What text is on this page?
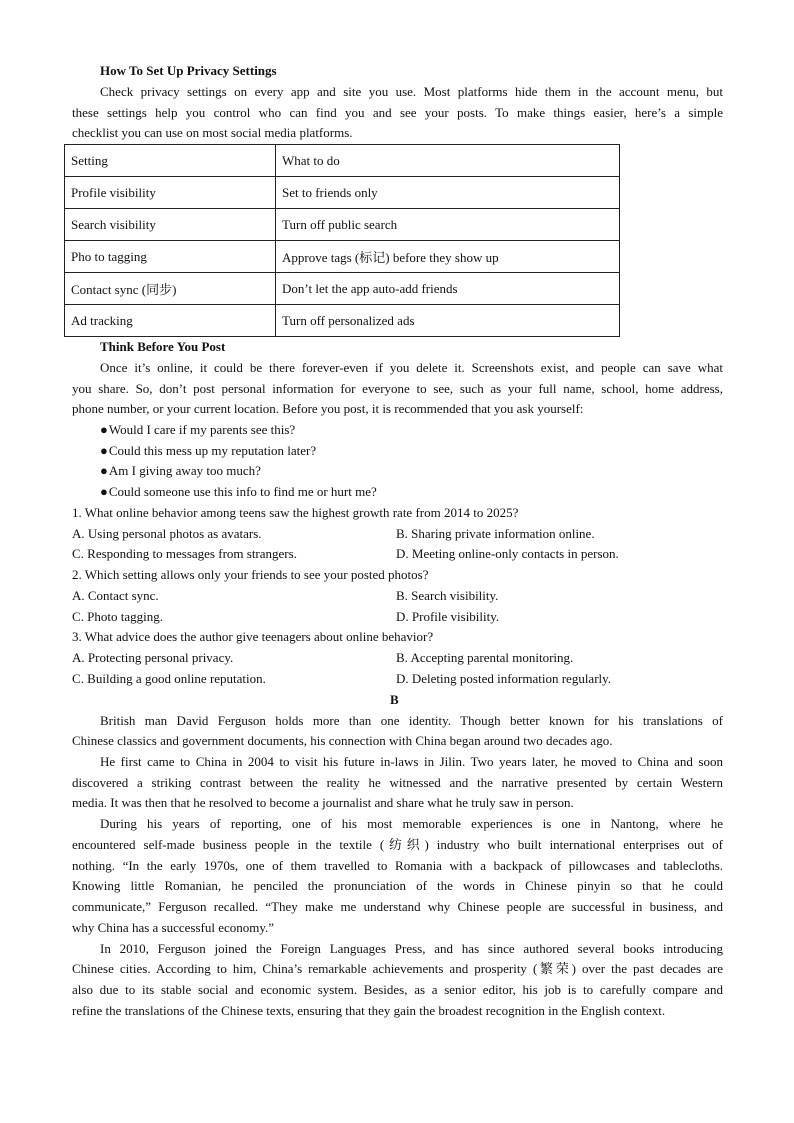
How To Set Up Privacy Settings
Check privacy settings on every app and site you use. Most platforms hide them in the account menu, but
these settings help you control who can find you and see your posts. To make things easier, here’s a simple
checklist you can use on most social media platforms.
Setting	What to do
Profile visibility	Set to friends only
Search visibility	Turn off public search
Pho to tagging	Approve tags (标记) before they show up
Contact sync (同步)	Don’t let the app auto-add friends
Ad tracking	Turn off personalized ads
Think Before You Post
Once it’s online, it could be there forever-even if you delete it. Screenshots exist, and people can save what
you share. So, don’t post personal information for everyone to see, such as your full name, school, home address,
phone number, or your current location. Before you post, it is recommended that you ask yourself:
● Would I care if my parents see this?
● Could this mess up my reputation later?
● Am I giving away too much?
● Could someone use this info to find me or hurt me?
1. What online behavior among teens saw the highest growth rate from 2014 to 2025?
A. Using personal photos as avatars.	B. Sharing private information online.
C. Responding to messages from strangers.	D. Meeting online-only contacts in person.
2. Which setting allows only your friends to see your posted photos?
A. Contact sync.	B. Search visibility.
C. Photo tagging.	D. Profile visibility.
3. What advice does the author give teenagers about online behavior?
A. Protecting personal privacy.	B. Accepting parental monitoring.
C. Building a good online reputation.	D. Deleting posted information regularly.
B
British man David Ferguson holds more than one identity. Though better known for his translations of
Chinese classics and government documents, his connection with China began around two decades ago.
He first came to China in 2004 to visit his future in-laws in Jilin. Two years later, he moved to China and soon
discovered a striking contrast between the reality he witnessed and the narrative presented by certain Western
media. It was then that he resolved to become a journalist and share what he truly saw in person.
During his years of reporting, one of his most memorable experiences is one in Nantong, where he
encountered self-made business people in the textile (纺织) industry who built international enterprises out of
nothing. “In the early 1970s, one of them travelled to Romania with a backpack of pillowcases and tablecloths.
Knowing little Romanian, he penciled the pronunciation of the words in Chinese pinyin so that he could
communicate,” Ferguson recalled. “They make me understand why Chinese people are successful in business, and
why China has a successful economy.”
In 2010, Ferguson joined the Foreign Languages Press, and has since authored several books introducing
Chinese cities. According to him, China’s remarkable achievements and prosperity (繁荣) over the past decades are
also due to its stable social and economic system. Besides, as a senior editor, his job is to carefully compare and
refine the translations of the Chinese texts, ensuring that they gain the broadest recognition in the English context.
